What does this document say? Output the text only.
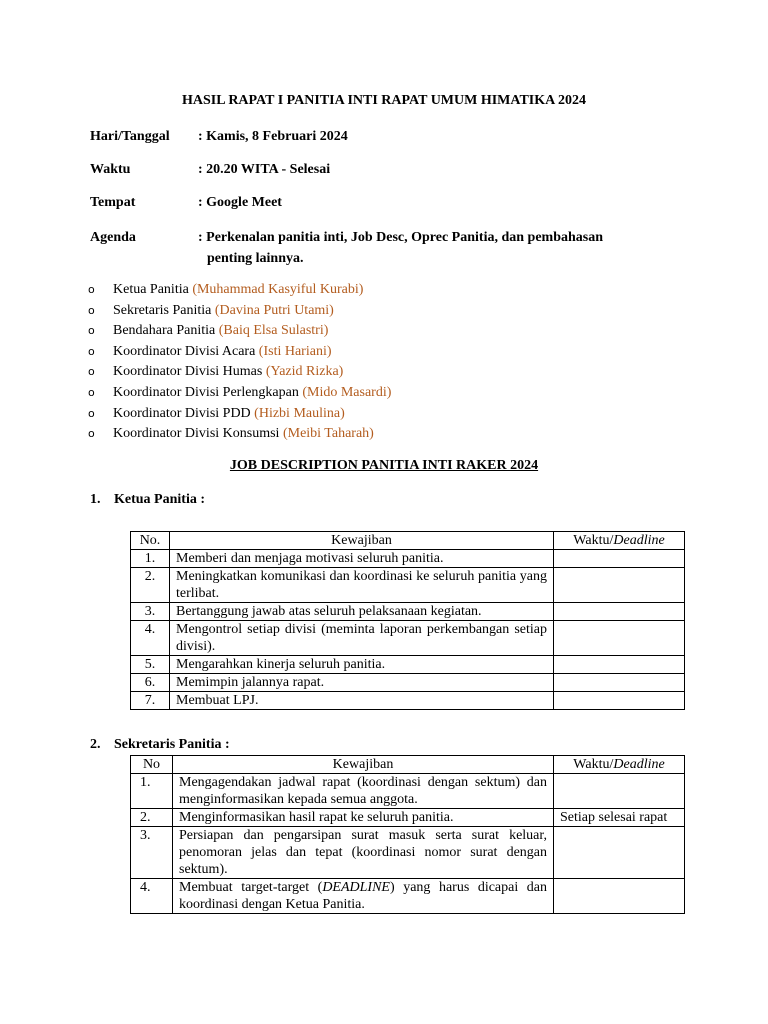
HASIL RAPAT I PANITIA INTI RAPAT UMUM HIMATIKA 2024
Hari/Tanggal	: Kamis, 8 Februari 2024
Waktu	: 20.20 WITA - Selesai
Tempat	: Google Meet
Agenda	: Perkenalan panitia inti, Job Desc, Oprec Panitia, dan pembahasan
penting lainnya.
o Ketua Panitia (Muhammad Kasyiful Kurabi)
o Sekretaris Panitia (Davina Putri Utami)
o Bendahara Panitia (Baiq Elsa Sulastri)
o Koordinator Divisi Acara (Isti Hariani)
o Koordinator Divisi Humas (Yazid Rizka)
o Koordinator Divisi Perlengkapan (Mido Masardi)
o Koordinator Divisi PDD (Hizbi Maulina)
o Koordinator Divisi Konsumsi (Meibi Taharah)
JOB DESCRIPTION PANITIA INTI RAKER 2024
1. Ketua Panitia :
No.	Kewajiban	Waktu/Deadline
1.	Memberi dan menjaga motivasi seluruh panitia.	
2.	Meningkatkan komunikasi dan koordinasi ke seluruh panitia yang terlibat.	
3.	Bertanggung jawab atas seluruh pelaksanaan kegiatan.	
4.	Mengontrol setiap divisi (meminta laporan perkembangan setiap divisi).	
5.	Mengarahkan kinerja seluruh panitia.	
6.	Memimpin jalannya rapat.	
7.	Membuat LPJ.	
2. Sekretaris Panitia :
No	Kewajiban	Waktu/Deadline
1.	Mengagendakan jadwal rapat (koordinasi dengan sektum) dan menginformasikan kepada semua anggota.	
2.	Menginformasikan hasil rapat ke seluruh panitia.	Setiap selesai rapat
3.	Persiapan dan pengarsipan surat masuk serta surat keluar, penomoran jelas dan tepat (koordinasi nomor surat dengan sektum).	
4.	Membuat target-target (DEADLINE) yang harus dicapai dan koordinasi dengan Ketua Panitia.	
